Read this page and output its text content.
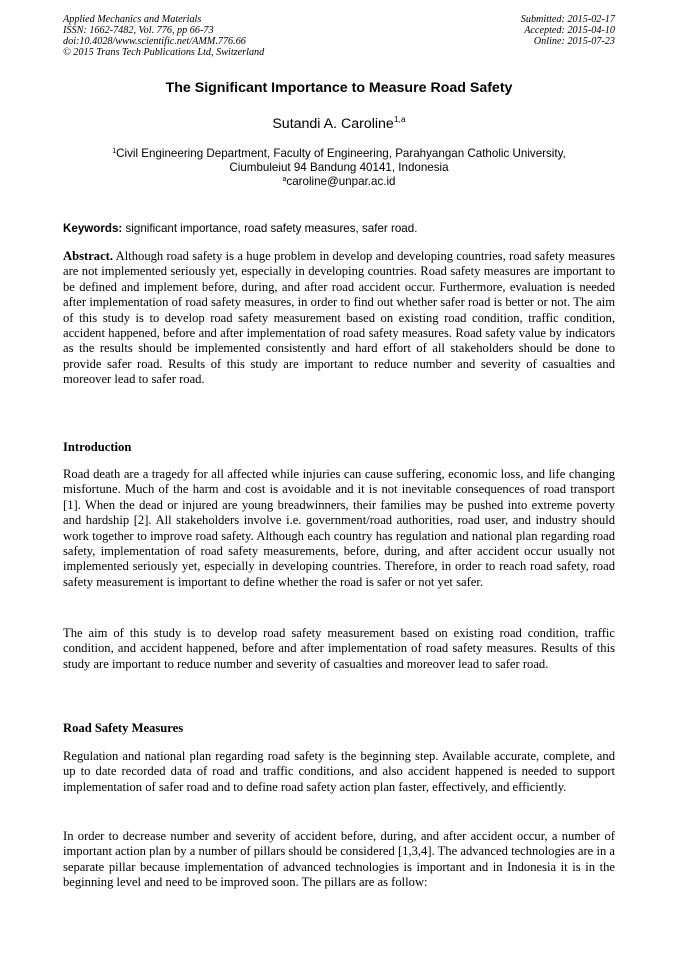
Applied Mechanics and Materials
ISSN: 1662-7482, Vol. 776, pp 66-73
doi:10.4028/www.scientific.net/AMM.776.66
© 2015 Trans Tech Publications Ltd, Switzerland
Submitted: 2015-02-17
Accepted: 2015-04-10
Online: 2015-07-23
The Significant Importance to Measure Road Safety
Sutandi A. Caroline$^{1,a}$
$^1$Civil Engineering Department, Faculty of Engineering, Parahyangan Catholic University,
Ciumbuleiut 94 Bandung 40141, Indonesia
$^a$caroline@unpar.ac.id
Keywords: significant importance, road safety measures, safer road.

Abstract. Although road safety is a huge problem in develop and developing countries, road safety measures are not implemented seriously yet, especially in developing countries. Road safety measures are important to be defined and implement before, during, and after road accident occur. Furthermore, evaluation is needed after implementation of road safety measures, in order to find out whether safer road is better or not. The aim of this study is to develop road safety measurement based on existing road condition, traffic condition, accident happened, before and after implementation of road safety measures. Road safety value by indicators as the results should be implemented consistently and hard effort of all stakeholders should be done to provide safer road. Results of this study are important to reduce number and severity of casualties and moreover lead to safer road.

Introduction

Road death are a tragedy for all affected while injuries can cause suffering, economic loss, and life changing misfortune. Much of the harm and cost is avoidable and it is not inevitable consequences of road transport [1]. When the dead or injured are young breadwinners, their families may be pushed into extreme poverty and hardship [2]. All stakeholders involve i.e. government/road authorities, road user, and industry should work together to improve road safety. Although each country has regulation and national plan regarding road safety, implementation of road safety measurements, before, during, and after accident occur usually not implemented seriously yet, especially in developing countries. Therefore, in order to reach road safety, road safety measurement is important to define whether the road is safer or not yet safer.

The aim of this study is to develop road safety measurement based on existing road condition, traffic condition, and accident happened, before and after implementation of road safety measures. Results of this study are important to reduce number and severity of casualties and moreover lead to safer road.

Road Safety Measures

Regulation and national plan regarding road safety is the beginning step. Available accurate, complete, and up to date recorded data of road and traffic conditions, and also accident happened is needed to support implementation of safer road and to define road safety action plan faster, effectively, and efficiently.

In order to decrease number and severity of accident before, during, and after accident occur, a number of important action plan by a number of pillars should be considered [1,3,4]. The advanced technologies are in a separate pillar because implementation of advanced technologies is important and in Indonesia it is in the beginning level and need to be improved soon. The pillars are as follow:
